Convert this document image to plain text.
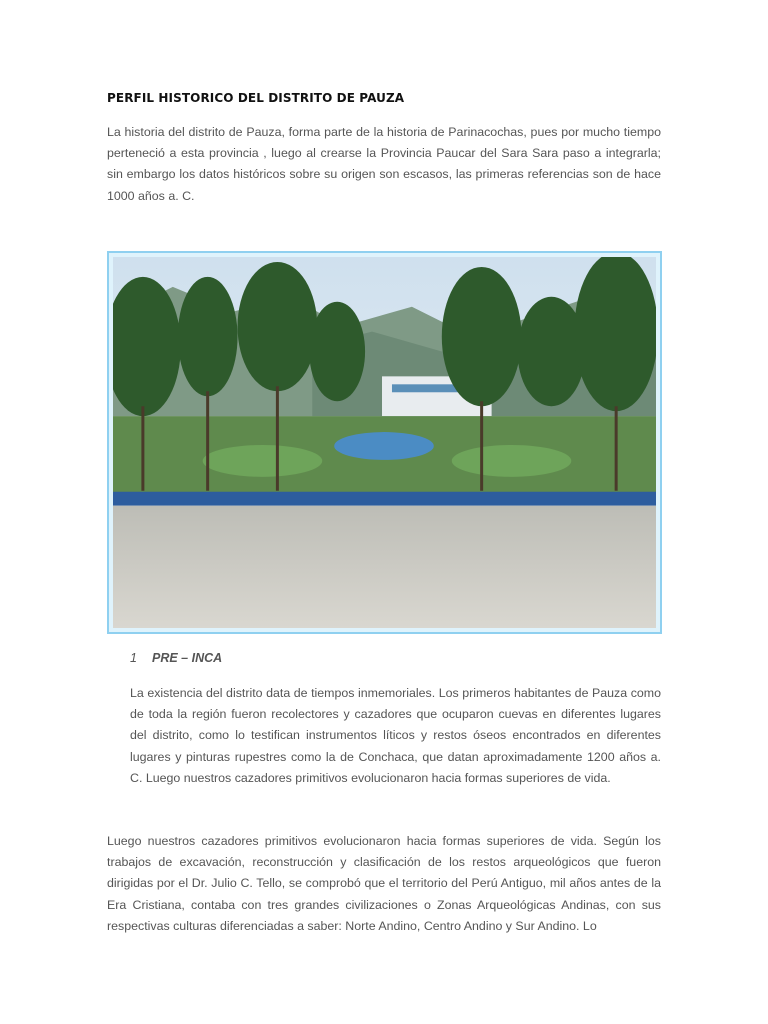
PERFIL HISTORICO DEL DISTRITO DE PAUZA

La historia del distrito de Pauza, forma parte de la historia de Parinacochas, pues por mucho tiempo perteneció a esta provincia , luego al crearse la Provincia Paucar del Sara Sara paso a integrarla; sin embargo los datos históricos sobre su origen son escasos, las primeras referencias son de hace 1000 años a. C.

1 PRE – INCA

La existencia del distrito data de tiempos inmemoriales. Los primeros habitantes de Pauza como de toda la región fueron recolectores y cazadores que ocuparon cuevas en diferentes lugares del distrito, como lo testifican instrumentos líticos y restos óseos encontrados en diferentes lugares y pinturas rupestres como la de Conchaca, que datan aproximadamente 1200 años a. C. Luego nuestros cazadores primitivos evolucionaron hacia formas superiores de vida.

Luego nuestros cazadores primitivos evolucionaron hacia formas superiores de vida. Según los trabajos de excavación, reconstrucción y clasificación de los restos arqueológicos que fueron dirigidas por el Dr. Julio C. Tello, se comprobó que el territorio del Perú Antiguo, mil años antes de la Era Cristiana, contaba con tres grandes civilizaciones o Zonas Arqueológicas Andinas, con sus respectivas culturas diferenciadas a saber: Norte Andino, Centro Andino y Sur Andino. Lo
